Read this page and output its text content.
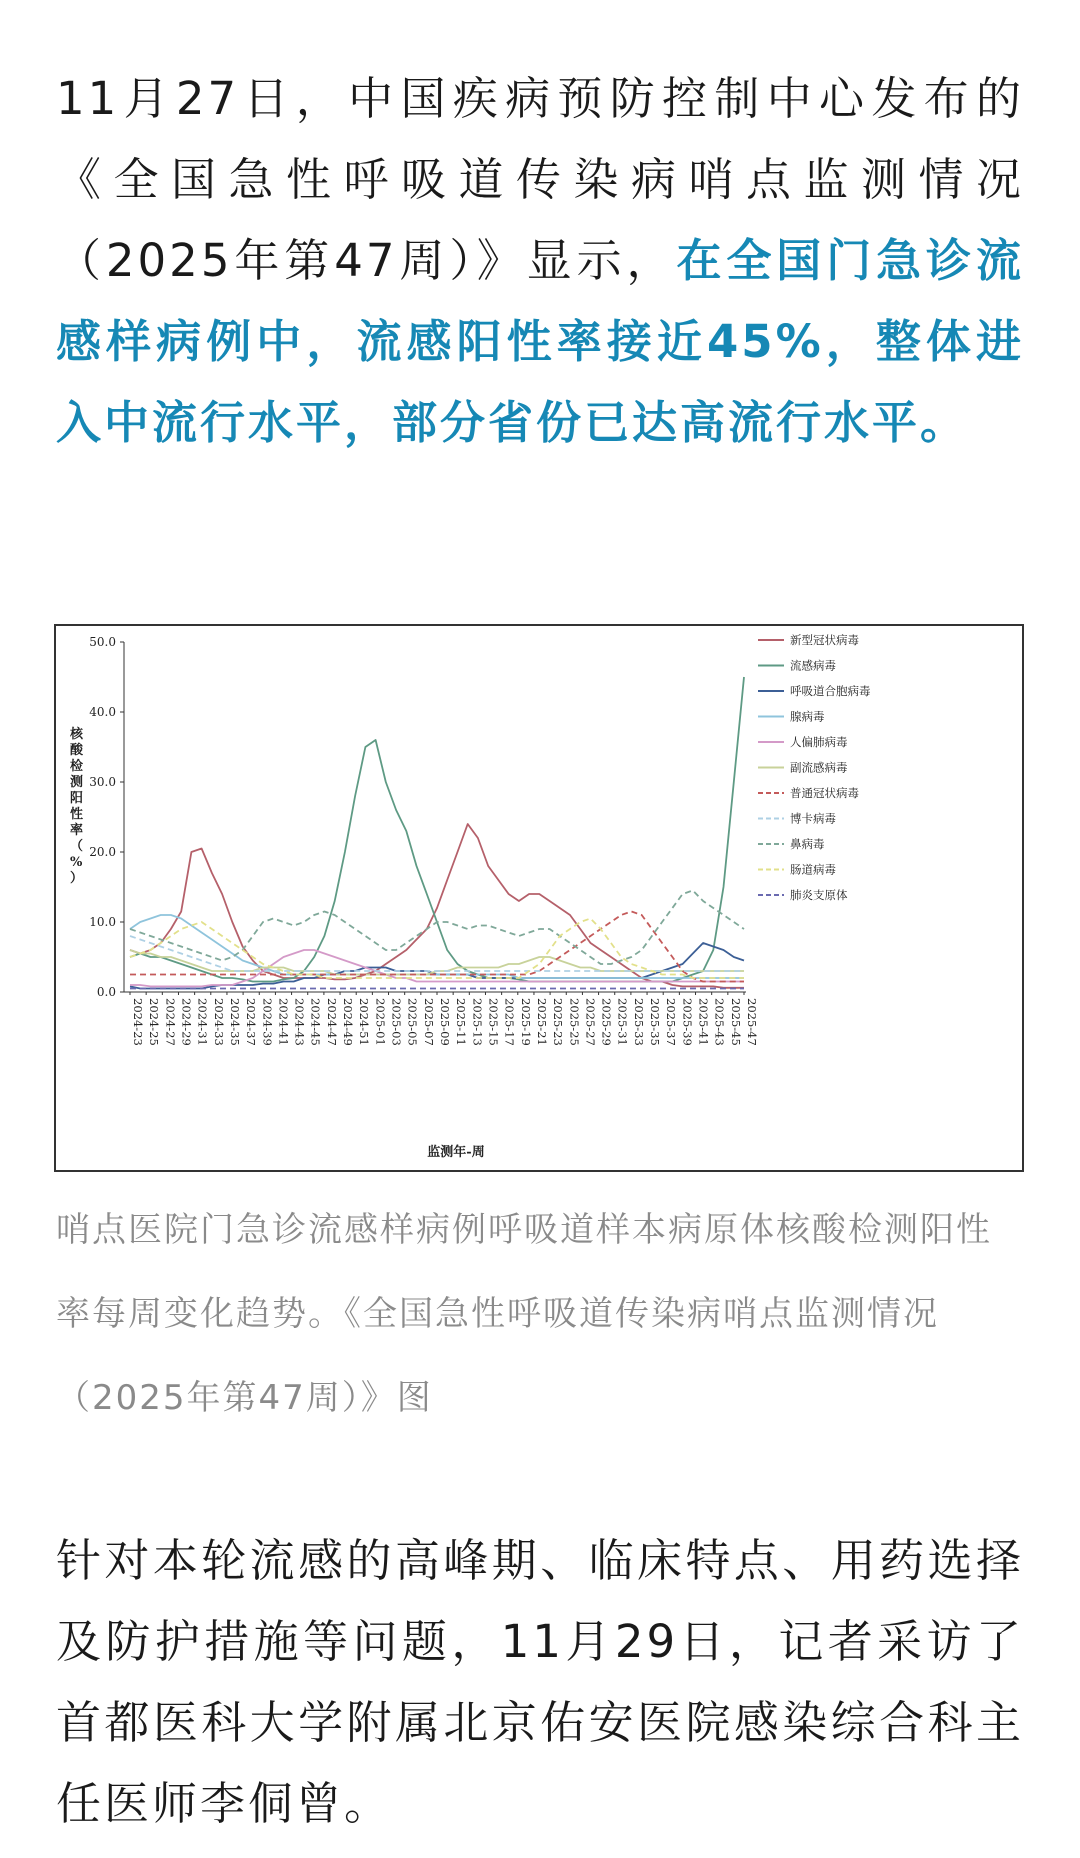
11月27日，中国疾病预防控制中心发布的《全国急性呼吸道传染病哨点监测情况（2025年第47周）》显示，在全国门急诊流感样病例中，流感阳性率接近45%，整体进入中流行水平，部分省份已达高流行水平。

0.0
10.0
20.0
30.0
40.0
50.0
核酸检测阳性率（%）
2024-23 2024-25 2024-27 2024-29 2024-31 2024-33 2024-35 2024-37 2024-39 2024-41 2024-43 2024-45 2024-47 2024-49 2024-51 2025-01 2025-03 2025-05 2025-07 2025-09 2025-11 2025-13 2025-15 2025-17 2025-19 2025-21 2025-23 2025-25 2025-27 2025-29 2025-31 2025-33 2025-35 2025-37 2025-39 2025-41 2025-43 2025-45 2025-47
新型冠状病毒
流感病毒
呼吸道合胞病毒
腺病毒
人偏肺病毒
副流感病毒
普通冠状病毒
博卡病毒
鼻病毒
肠道病毒
肺炎支原体
监测年-周

哨点医院门急诊流感样病例呼吸道样本病原体核酸检测阳性率每周变化趋势。《全国急性呼吸道传染病哨点监测情况（2025年第47周）》图

针对本轮流感的高峰期、临床特点、用药选择及防护措施等问题，11月29日，记者采访了首都医科大学附属北京佑安医院感染综合科主任医师李侗曾。
